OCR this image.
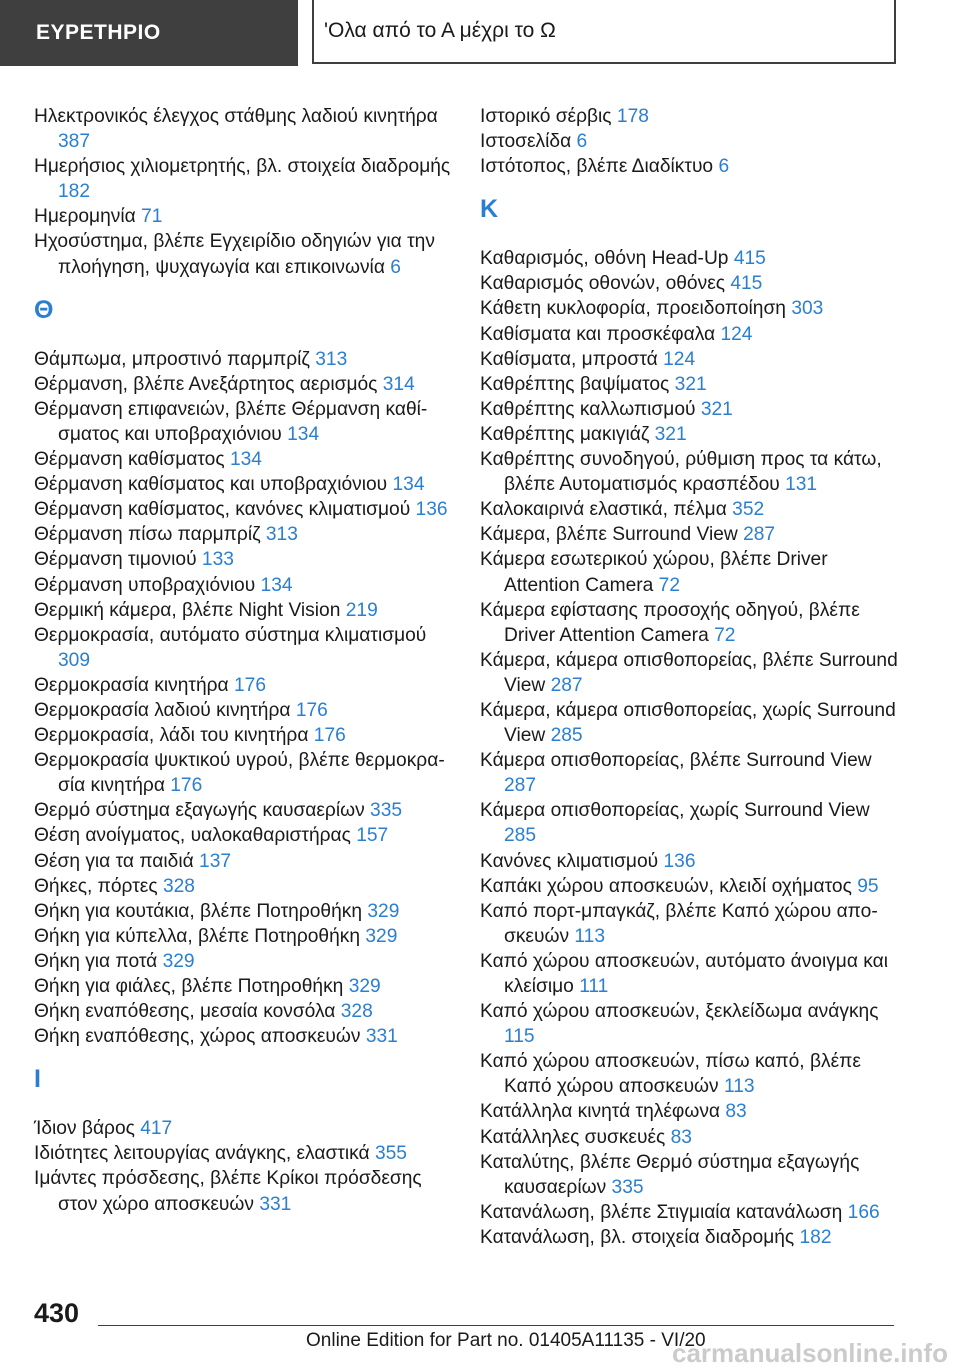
ΕΥΡΕΤΗΡΙΟ	'Ολα από το Α μέχρι το Ω
Ηλεκτρονικός έλεγχος στάθμης λαδιού κινητήρα 387
Ημερήσιος χιλιομετρητής, βλ. στοιχεία διαδρομής 182
Ημερομηνία 71
Ηχοσύστημα, βλέπε Εγχειρίδιο οδηγιών για την πλοήγηση, ψυχαγωγία και επικοινωνία 6
Θ
Θάμπωμα, μπροστινό παρμπρίζ 313
Θέρμανση, βλέπε Ανεξάρτητος αερισμός 314
Θέρμανση επιφανειών, βλέπε Θέρμανση καθίσματος και υποβραχιόνιου 134
Θέρμανση καθίσματος 134
Θέρμανση καθίσματος και υποβραχιόνιου 134
Θέρμανση καθίσματος, κανόνες κλιματισμού 136
Θέρμανση πίσω παρμπρίζ 313
Θέρμανση τιμονιού 133
Θέρμανση υποβραχιόνιου 134
Θερμική κάμερα, βλέπε Night Vision 219
Θερμοκρασία, αυτόματο σύστημα κλιματισμού 309
Θερμοκρασία κινητήρα 176
Θερμοκρασία λαδιού κινητήρα 176
Θερμοκρασία, λάδι του κινητήρα 176
Θερμοκρασία ψυκτικού υγρού, βλέπε θερμοκρασία κινητήρα 176
Θερμό σύστημα εξαγωγής καυσαερίων 335
Θέση ανοίγματος, υαλοκαθαριστήρας 157
Θέση για τα παιδιά 137
Θήκες, πόρτες 328
Θήκη για κουτάκια, βλέπε Ποτηροθήκη 329
Θήκη για κύπελλα, βλέπε Ποτηροθήκη 329
Θήκη για ποτά 329
Θήκη για φιάλες, βλέπε Ποτηροθήκη 329
Θήκη εναπόθεσης, μεσαία κονσόλα 328
Θήκη εναπόθεσης, χώρος αποσκευών 331
Ι
Ίδιον βάρος 417
Ιδιότητες λειτουργίας ανάγκης, ελαστικά 355
Ιμάντες πρόσδεσης, βλέπε Κρίκοι πρόσδεσης στον χώρο αποσκευών 331
Ιστορικό σέρβις 178
Ιστοσελίδα 6
Ιστότοπος, βλέπε Διαδίκτυο 6
Κ
Καθαρισμός, οθόνη Head-Up 415
Καθαρισμός οθονών, οθόνες 415
Κάθετη κυκλοφορία, προειδοποίηση 303
Καθίσματα και προσκέφαλα 124
Καθίσματα, μπροστά 124
Καθρέπτης βαψίματος 321
Καθρέπτης καλλωπισμού 321
Καθρέπτης μακιγιάζ 321
Καθρέπτης συνοδηγού, ρύθμιση προς τα κάτω, βλέπε Αυτοματισμός κρασπέδου 131
Καλοκαιρινά ελαστικά, πέλμα 352
Κάμερα, βλέπε Surround View 287
Κάμερα εσωτερικού χώρου, βλέπε Driver Attention Camera 72
Κάμερα εφίστασης προσοχής οδηγού, βλέπε Driver Attention Camera 72
Κάμερα, κάμερα οπισθοπορείας, βλέπε Surround View 287
Κάμερα, κάμερα οπισθοπορείας, χωρίς Surround View 285
Κάμερα οπισθοπορείας, βλέπε Surround View 287
Κάμερα οπισθοπορείας, χωρίς Surround View 285
Κανόνες κλιματισμού 136
Καπάκι χώρου αποσκευών, κλειδί οχήματος 95
Καπό πορτ-μπαγκάζ, βλέπε Καπό χώρου αποσκευών 113
Καπό χώρου αποσκευών, αυτόματο άνοιγμα και κλείσιμο 111
Καπό χώρου αποσκευών, ξεκλείδωμα ανάγκης 115
Καπό χώρου αποσκευών, πίσω καπό, βλέπε Καπό χώρου αποσκευών 113
Κατάλληλα κινητά τηλέφωνα 83
Κατάλληλες συσκευές 83
Καταλύτης, βλέπε Θερμό σύστημα εξαγωγής καυσαερίων 335
Κατανάλωση, βλέπε Στιγμιαία κατανάλωση 166
Κατανάλωση, βλ. στοιχεία διαδρομής 182
430
Online Edition for Part no. 01405A11135 - VI/20
carmanualsonline.info
